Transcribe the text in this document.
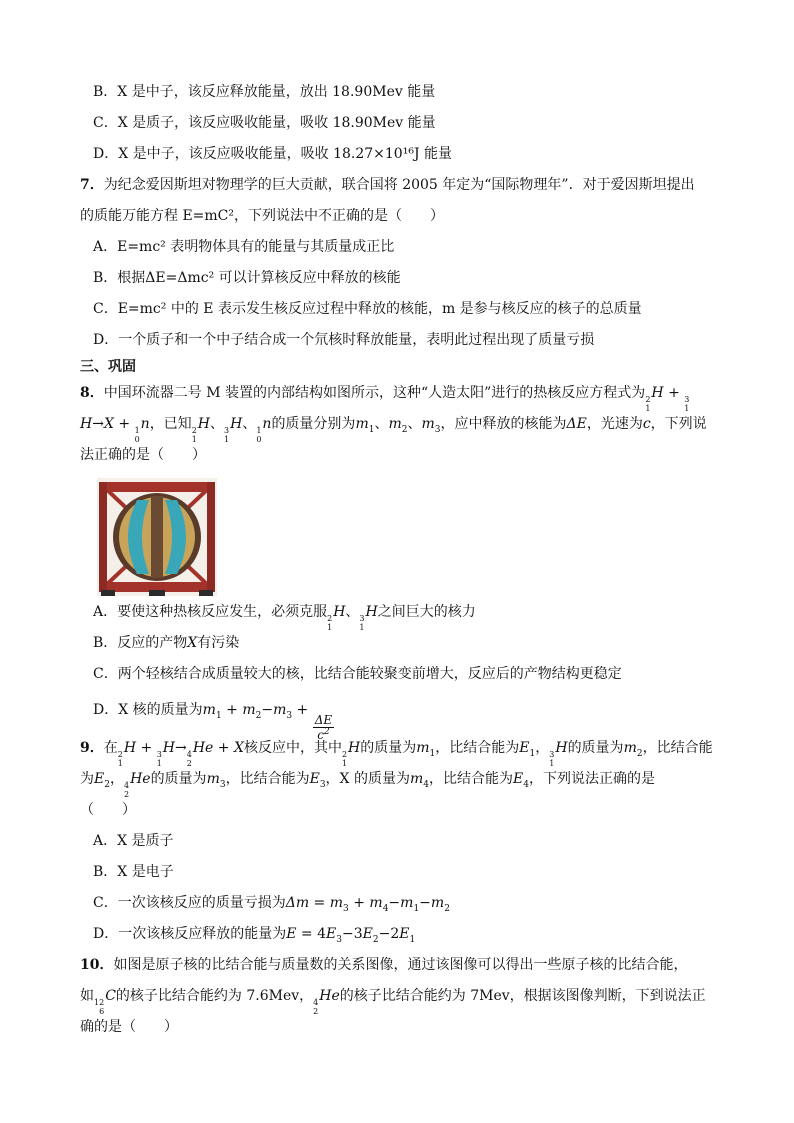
B．X 是中子，该反应释放能量，放出 18.90Mev 能量
C．X 是质子，该反应吸收能量，吸收 18.90Mev 能量
D．X 是中子，该反应吸收能量，吸收 18.27×10¹⁶J 能量
7．为纪念爱因斯坦对物理学的巨大贡献，联合国将 2005 年定为“国际物理年”．对于爱因斯坦提出
的质能万能方程 E=mC²，下列说法中不正确的是（　　）
A．E=mc² 表明物体具有的能量与其质量成正比
B．根据ΔE=Δmc² 可以计算核反应中释放的核能
C．E=mc² 中的 E 表示发生核反应过程中释放的核能，m 是参与核反应的核子的总质量
D．一个质子和一个中子结合成一个氘核时释放能量，表明此过程出现了质量亏损
三、巩固
8．中国环流器二号 M 装置的内部结构如图所示，这种“人造太阳”进行的热核反应方程式为 2
1
H + 3
1
H→X + 1
0
n，已知 2
1
H、 3
1
H、 1
0
n的质量分别为$m_1$、$m_2$、$m_3$，应中释放的核能为ΔE，光速为c，下列说
法正确的是（　　）
A．要使这种热核反应发生，必须克服 2
1
H、 3
1
H之间巨大的核力
B．反应的产物X有污染
C．两个轻核结合成质量较大的核，比结合能较聚变前增大，反应后的产物结构更稳定
D．X 核的质量为$m_1 + m_2-m_3$ +
$\frac{\Delta E}{c^2}$
9．在 2
1
H + 3
1
H→ 4
2
He + X核反应中，其中 2
1
H的质量为$m_1$，比结合能为$E_1$， 3
1
H的质量为$m_2$，比结合能
为$E_2$， 4
2
He的质量为$m_3$，比结合能为$E_3$，X 的质量为$m_4$，比结合能为$E_4$，下列说法正确的是
（　　）
A．X 是质子
B．X 是电子
C．一次该核反应的质量亏损为$\Delta m = m_3 + m_4-m_1-m_2$
D．一次该核反应释放的能量为$E = 4E_3-3E_2-2E_1$
10．如图是原子核的比结合能与质量数的关系图像，通过该图像可以得出一些原子核的比结合能，
如 12
6
C的核子比结合能约为 7.6Mev， 4
2
He的核子比结合能约为 7Mev，根据该图像判断，下到说法正
确的是（　　）
